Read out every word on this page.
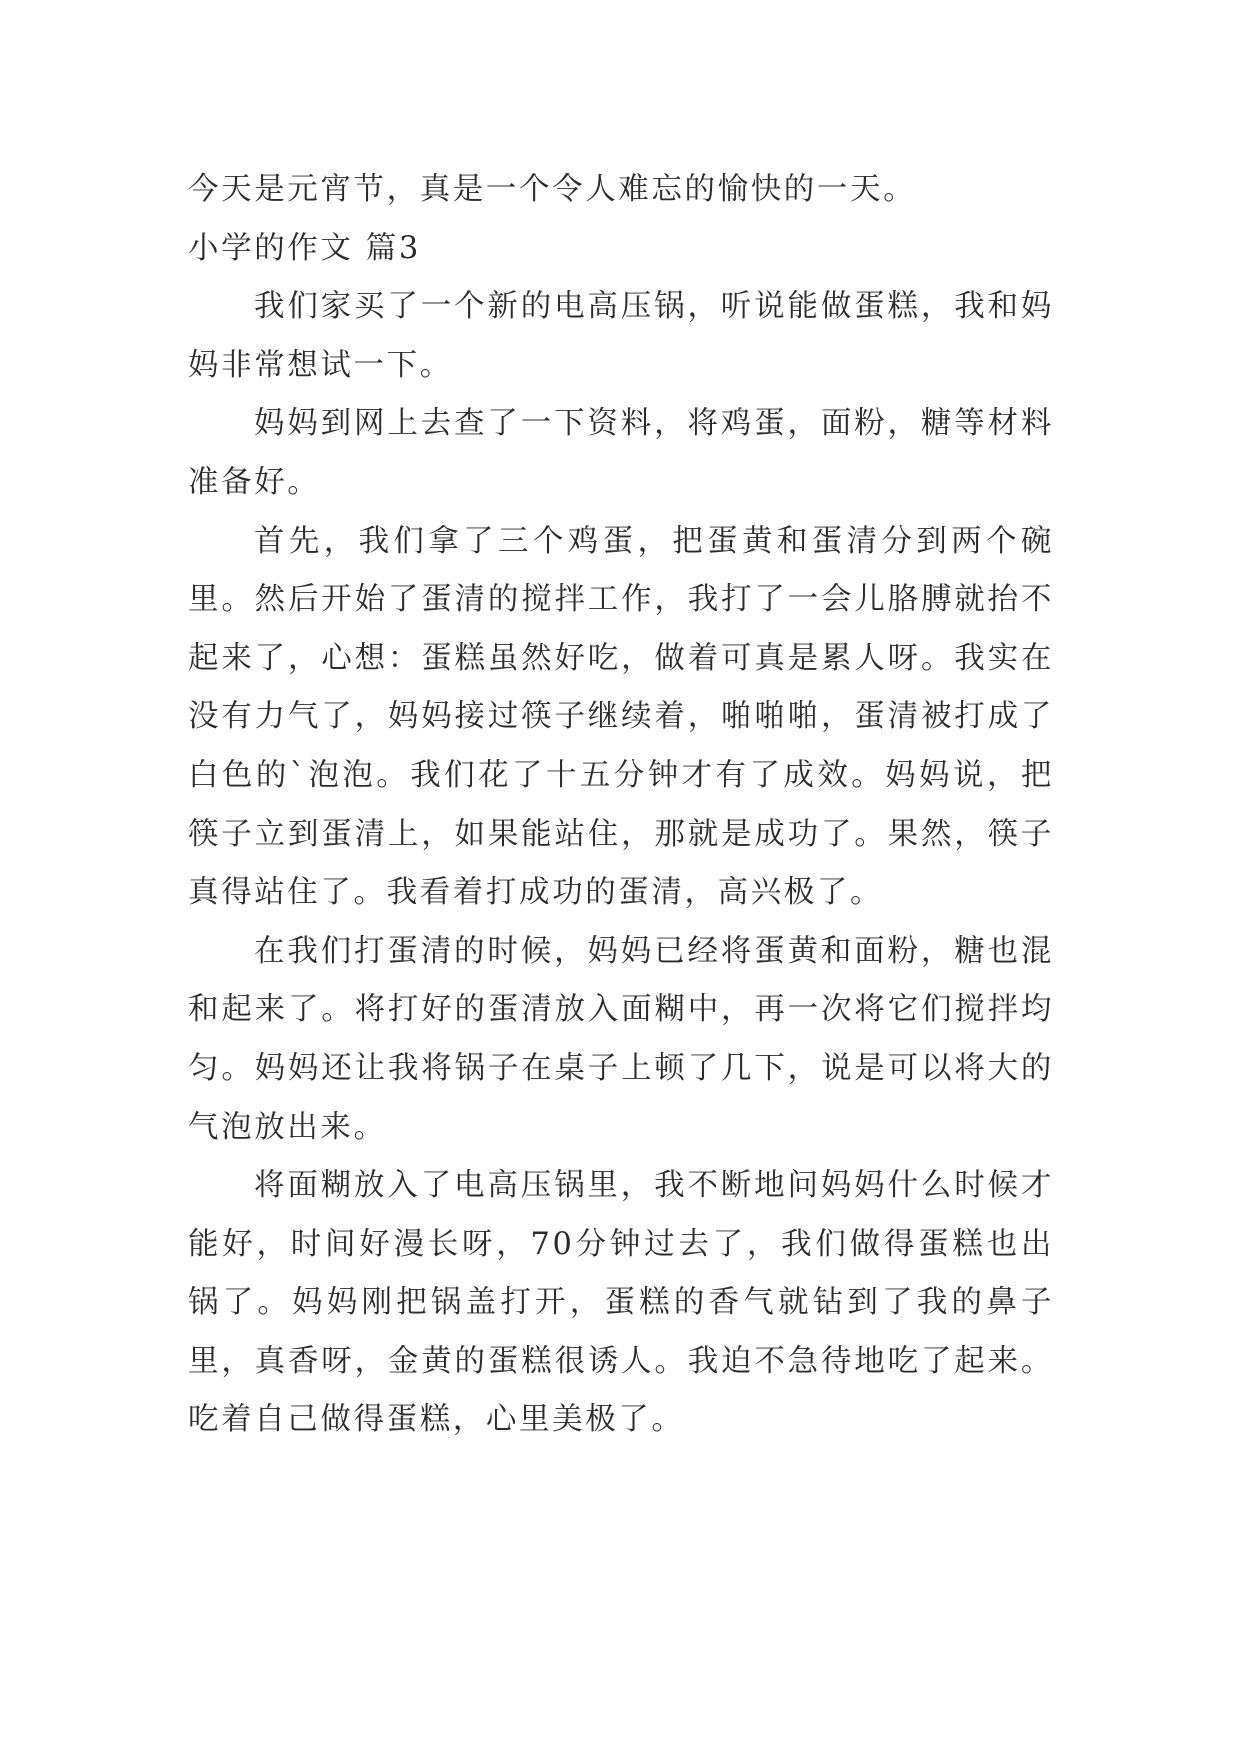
今天是元宵节，真是一个令人难忘的愉快的一天。

小学的作文 篇3

我们家买了一个新的电高压锅，听说能做蛋糕，我和妈妈非常想试一下。

妈妈到网上去查了一下资料，将鸡蛋，面粉，糖等材料准备好。

首先，我们拿了三个鸡蛋，把蛋黄和蛋清分到两个碗里。然后开始了蛋清的搅拌工作，我打了一会儿胳膊就抬不起来了，心想：蛋糕虽然好吃，做着可真是累人呀。我实在没有力气了，妈妈接过筷子继续着，啪啪啪，蛋清被打成了白色的`泡泡。我们花了十五分钟才有了成效。妈妈说，把筷子立到蛋清上，如果能站住，那就是成功了。果然，筷子真得站住了。我看着打成功的蛋清，高兴极了。

在我们打蛋清的时候，妈妈已经将蛋黄和面粉，糖也混和起来了。将打好的蛋清放入面糊中，再一次将它们搅拌均匀。妈妈还让我将锅子在桌子上顿了几下，说是可以将大的气泡放出来。

将面糊放入了电高压锅里，我不断地问妈妈什么时候才能好，时间好漫长呀，70分钟过去了，我们做得蛋糕也出锅了。妈妈刚把锅盖打开，蛋糕的香气就钻到了我的鼻子里，真香呀，金黄的蛋糕很诱人。我迫不急待地吃了起来。吃着自己做得蛋糕，心里美极了。
